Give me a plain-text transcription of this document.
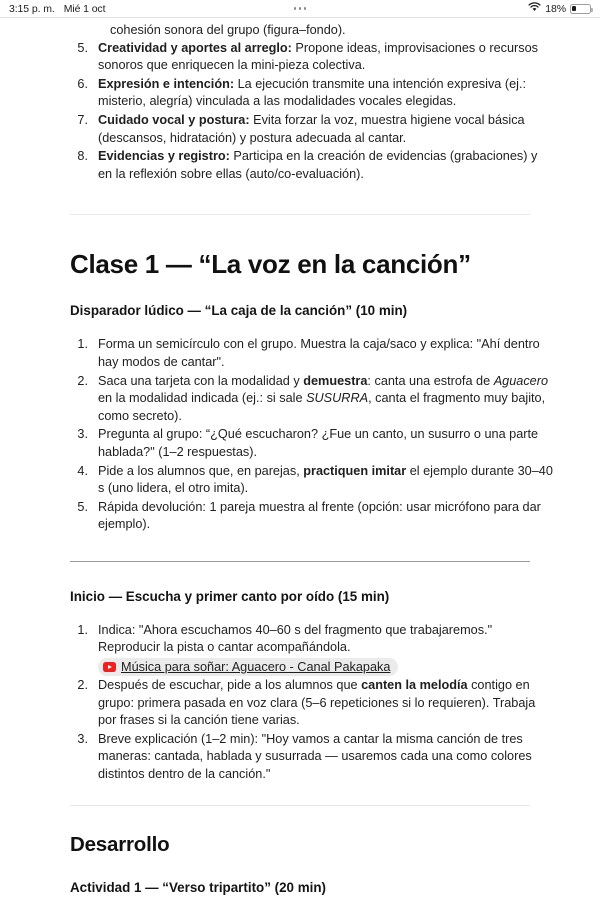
3:15 p. m. Mié 1 oct	18%
cohesión sonora del grupo (figura–fondo).
5. Creatividad y aportes al arreglo: Propone ideas, improvisaciones o recursos sonoros que enriquecen la mini-pieza colectiva.
6. Expresión e intención: La ejecución transmite una intención expresiva (ej.: misterio, alegría) vinculada a las modalidades vocales elegidas.
7. Cuidado vocal y postura: Evita forzar la voz, muestra higiene vocal básica (descansos, hidratación) y postura adecuada al cantar.
8. Evidencias y registro: Participa en la creación de evidencias (grabaciones) y en la reflexión sobre ellas (auto/co-evaluación).
Clase 1 — “La voz en la canción”
Disparador lúdico — “La caja de la canción” (10 min)
1. Forma un semicírculo con el grupo. Muestra la caja/saco y explica: "Ahí dentro hay modos de cantar".
2. Saca una tarjeta con la modalidad y demuestra: canta una estrofa de Aguacero en la modalidad indicada (ej.: si sale SUSURRA, canta el fragmento muy bajito, como secreto).
3. Pregunta al grupo: “¿Qué escucharon? ¿Fue un canto, un susurro o una parte hablada?" (1–2 respuestas).
4. Pide a los alumnos que, en parejas, practiquen imitar el ejemplo durante 30–40 s (uno lidera, el otro imita).
5. Rápida devolución: 1 pareja muestra al frente (opción: usar micrófono para dar ejemplo).
Inicio — Escucha y primer canto por oído (15 min)
1. Indica: "Ahora escuchamos 40–60 s del fragmento que trabajaremos." Reproducir la pista o cantar acompañándola.

Música para soñar: Aguacero - Canal Pakapaka
2. Después de escuchar, pide a los alumnos que canten la melodía contigo en grupo: primera pasada en voz clara (5–6 repeticiones si lo requieren). Trabaja por frases si la canción tiene varias.
3. Breve explicación (1–2 min): "Hoy vamos a cantar la misma canción de tres maneras: cantada, hablada y susurrada — usaremos cada una como colores distintos dentro de la canción."
Desarrollo
Actividad 1 — “Verso tripartito” (20 min)
